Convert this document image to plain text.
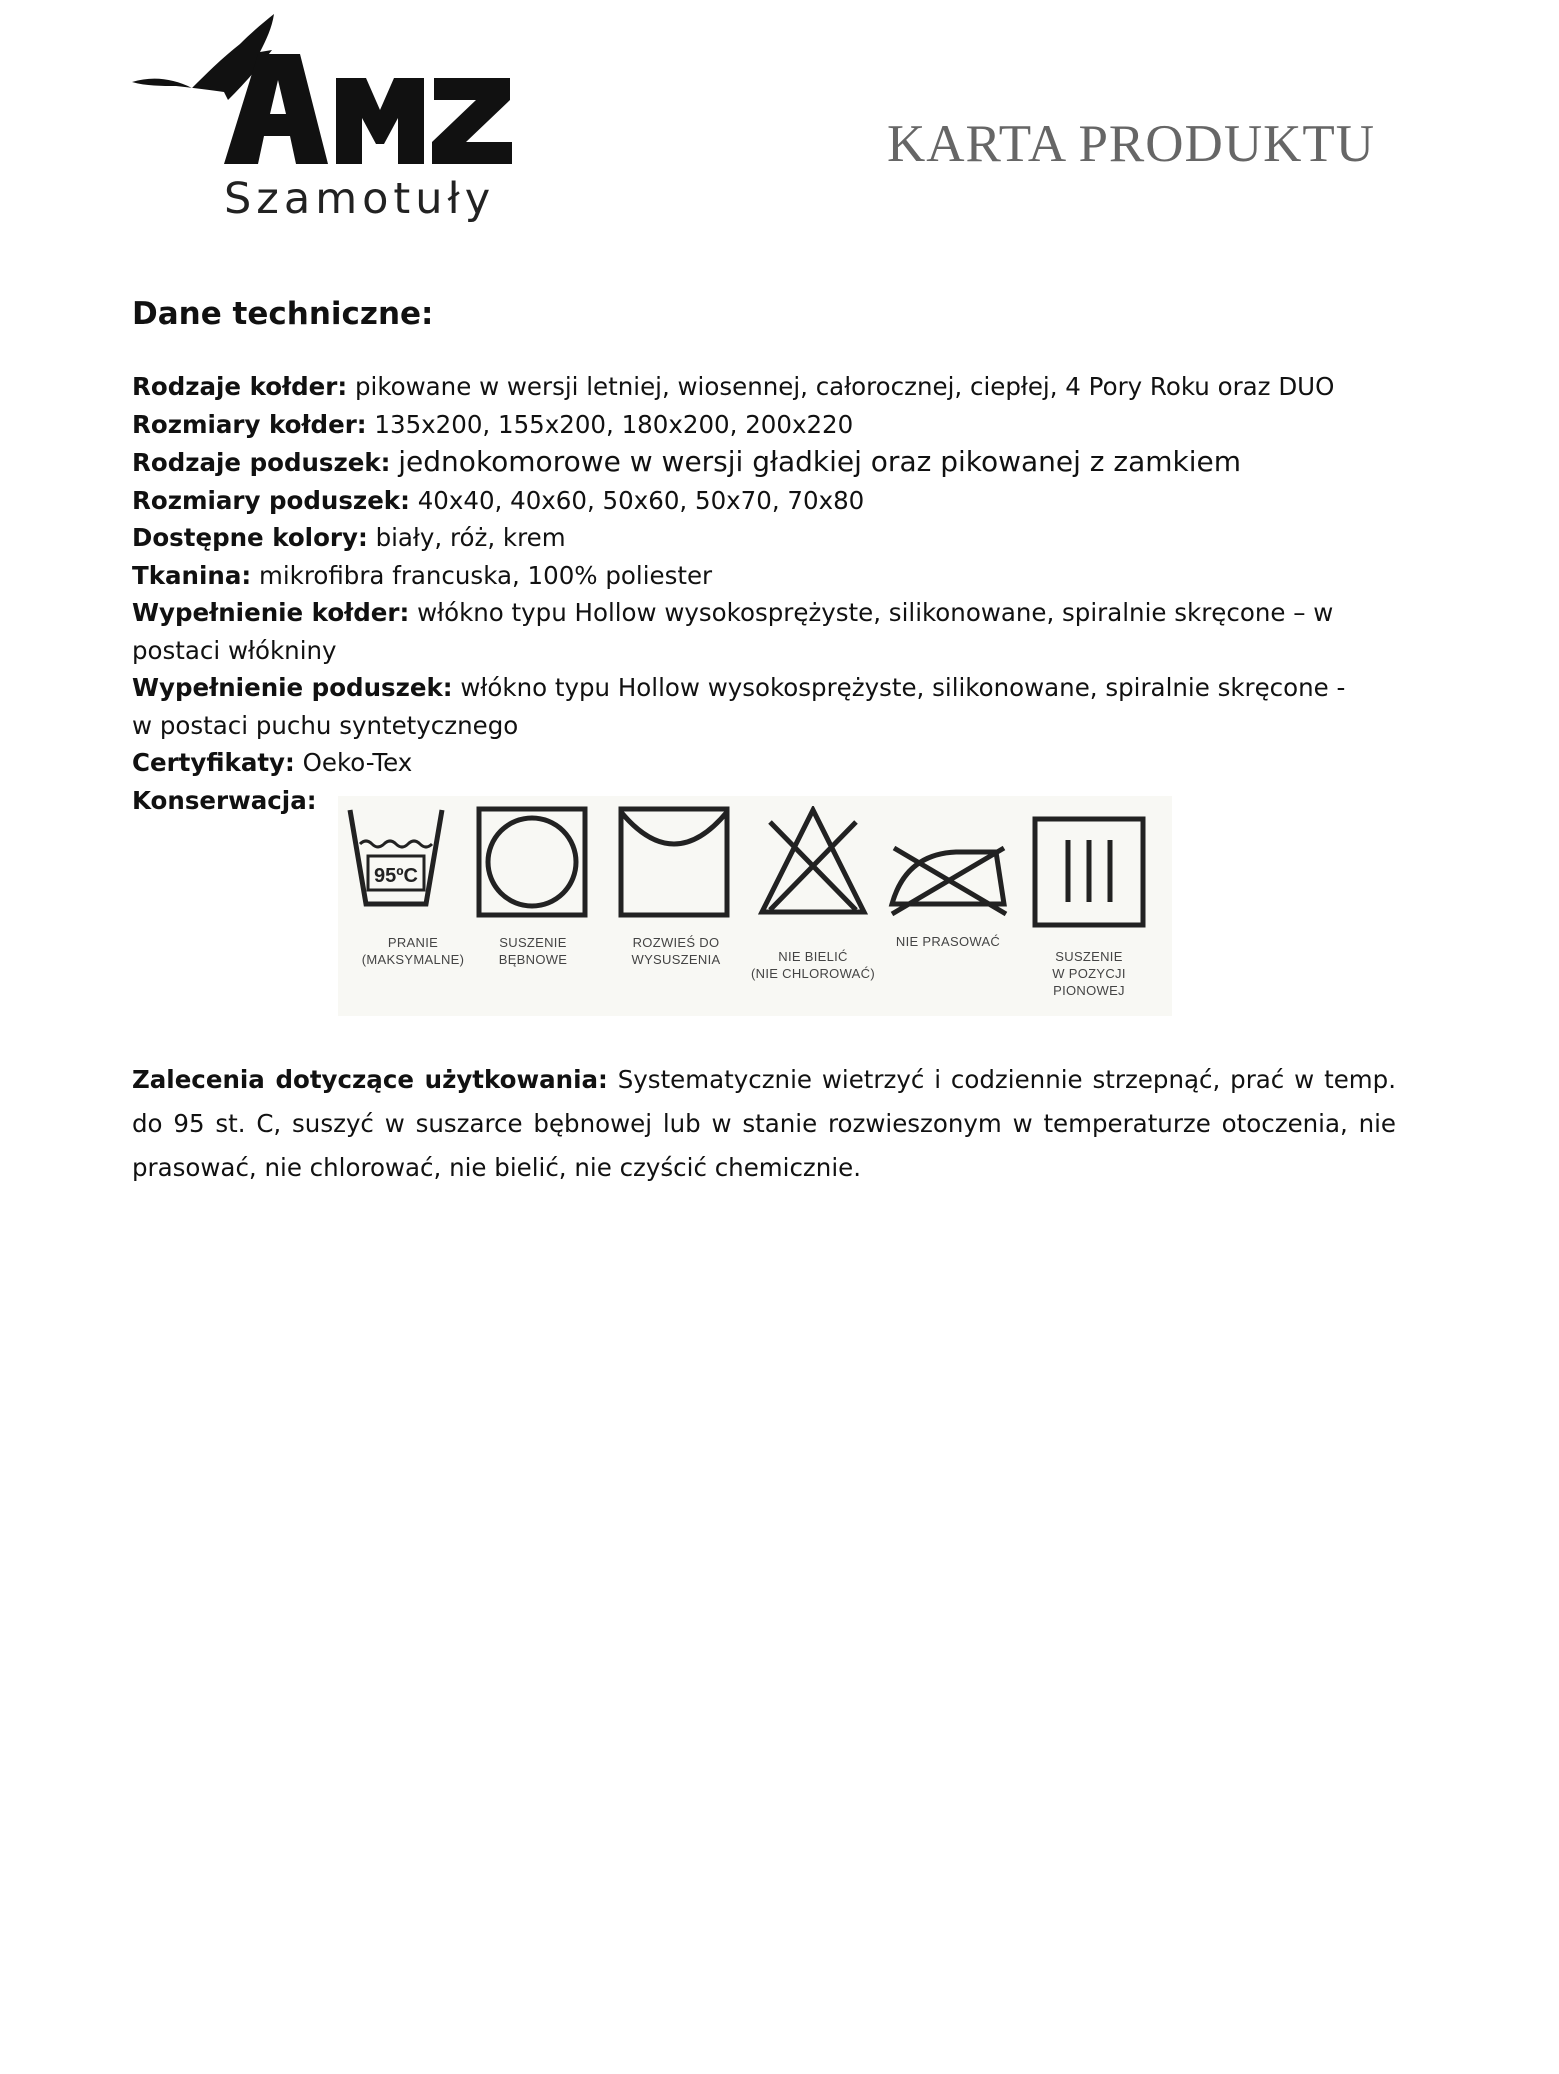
Szamotuły
KARTA PRODUKTU
Dane techniczne:
Rodzaje kołder: pikowane w wersji letniej, wiosennej, całorocznej, ciepłej, 4 Pory Roku oraz DUO
Rozmiary kołder: 135x200, 155x200, 180x200, 200x220
Rodzaje poduszek: jednokomorowe w wersji gładkiej oraz pikowanej z zamkiem
Rozmiary poduszek: 40x40, 40x60, 50x60, 50x70, 70x80
Dostępne kolory: biały, róż, krem
Tkanina: mikrofibra francuska, 100% poliester
Wypełnienie kołder: włókno typu Hollow wysokosprężyste, silikonowane, spiralnie skręcone – w postaci włókniny
Wypełnienie poduszek: włókno typu Hollow wysokosprężyste, silikonowane, spiralnie skręcone - w postaci puchu syntetycznego
Certyfikaty: Oeko-Tex
Konserwacja:
95ºC
PRANIE
(MAKSYMALNE)
SUSZENIE
BĘBNOWE
ROZWIEŚ DO
WYSUSZENIA	NIE BIELIĆ
(NIE CHLOROWAĆ)
NIE PRASOWAĆ
SUSZENIE
W POZYCJI
PIONOWEJ

Zalecenia dotyczące użytkowania: Systematycznie wietrzyć i codziennie strzepnąć, prać w temp. do 95 st. C, suszyć w suszarce bębnowej lub w stanie rozwieszonym w temperaturze otoczenia, nie prasować, nie chlorować, nie bielić, nie czyścić chemicznie.
